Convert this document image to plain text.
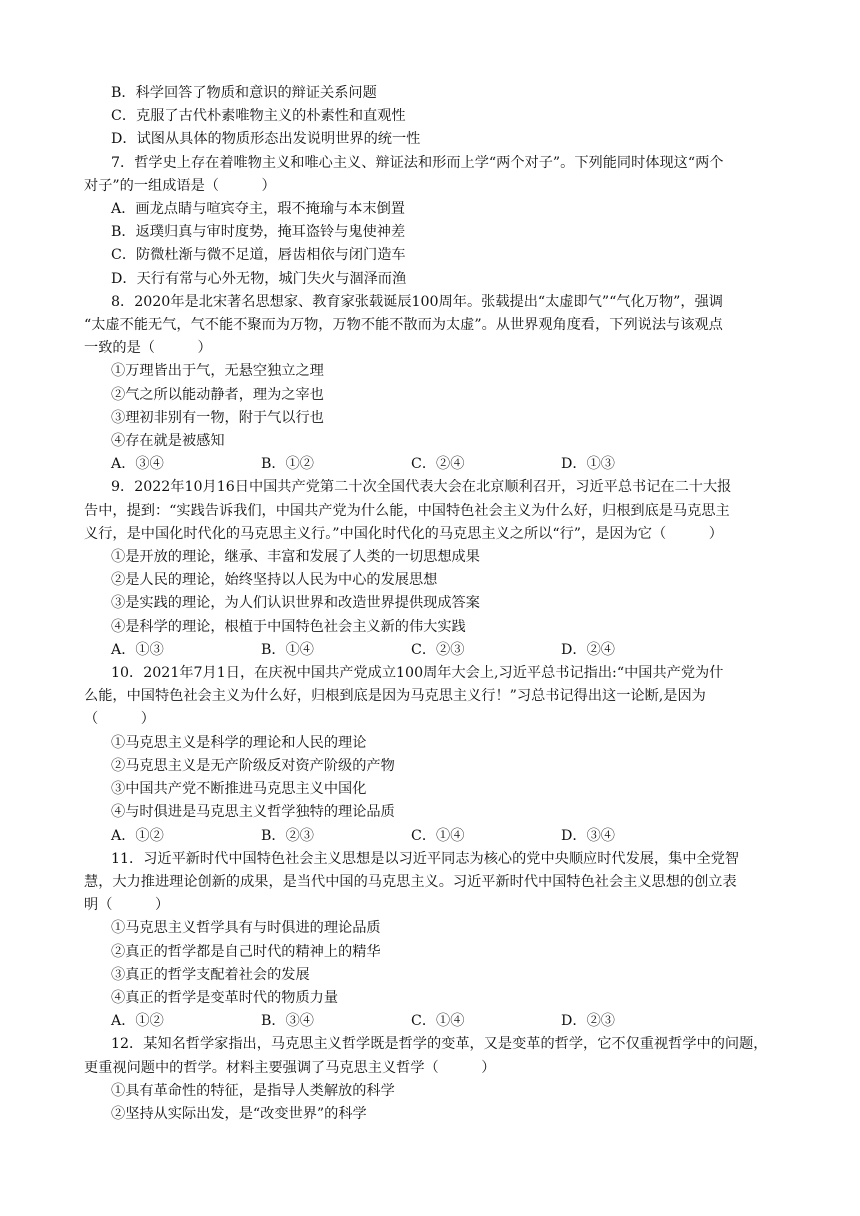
B．科学回答了物质和意识的辩证关系问题
C．克服了古代朴素唯物主义的朴素性和直观性
D．试图从具体的物质形态出发说明世界的统一性
7．哲学史上存在着唯物主义和唯心主义、辩证法和形而上学“两个对子”。下列能同时体现这“两个
对子”的一组成语是（　　　）
A．画龙点睛与喧宾夺主，瑕不掩瑜与本末倒置
B．返璞归真与审时度势，掩耳盗铃与鬼使神差
C．防微杜渐与微不足道，唇齿相依与闭门造车
D．天行有常与心外无物，城门失火与涸泽而渔
8．2020年是北宋著名思想家、教育家张载诞辰100周年。张载提出“太虚即气”“气化万物”，强调
“太虚不能无气，气不能不聚而为万物，万物不能不散而为太虚”。从世界观角度看，下列说法与该观点
一致的是（　　　）
①万理皆出于气，无悬空独立之理
②气之所以能动静者，理为之宰也
③理初非别有一物，附于气以行也
④存在就是被感知
A．③④	B．①②	C．②④	D．①③
9．2022年10月16日中国共产党第二十次全国代表大会在北京顺利召开，习近平总书记在二十大报
告中，提到：“实践告诉我们，中国共产党为什么能，中国特色社会主义为什么好，归根到底是马克思主
义行，是中国化时代化的马克思主义行。”中国化时代化的马克思主义之所以“行”，是因为它（　　　）
①是开放的理论，继承、丰富和发展了人类的一切思想成果
②是人民的理论，始终坚持以人民为中心的发展思想
③是实践的理论，为人们认识世界和改造世界提供现成答案
④是科学的理论，根植于中国特色社会主义新的伟大实践
A．①③	B．①④	C．②③	D．②④
10．2021年7月1日，在庆祝中国共产党成立100周年大会上,习近平总书记指出:“中国共产党为什
么能，中国特色社会主义为什么好，归根到底是因为马克思主义行！”习总书记得出这一论断,是因为
（　　　）
①马克思主义是科学的理论和人民的理论
②马克思主义是无产阶级反对资产阶级的产物
③中国共产党不断推进马克思主义中国化
④与时俱进是马克思主义哲学独特的理论品质
A．①②	B．②③	C．①④	D．③④
11．习近平新时代中国特色社会主义思想是以习近平同志为核心的党中央顺应时代发展，集中全党智
慧，大力推进理论创新的成果，是当代中国的马克思主义。习近平新时代中国特色社会主义思想的创立表
明（　　　）
①马克思主义哲学具有与时俱进的理论品质
②真正的哲学都是自己时代的精神上的精华
③真正的哲学支配着社会的发展
④真正的哲学是变革时代的物质力量
A．①②	B．③④	C．①④	D．②③
12．某知名哲学家指出，马克思主义哲学既是哲学的变革，又是变革的哲学，它不仅重视哲学中的问题，
更重视问题中的哲学。材料主要强调了马克思主义哲学（　　　）
①具有革命性的特征，是指导人类解放的科学
②坚持从实际出发，是“改变世界”的科学
